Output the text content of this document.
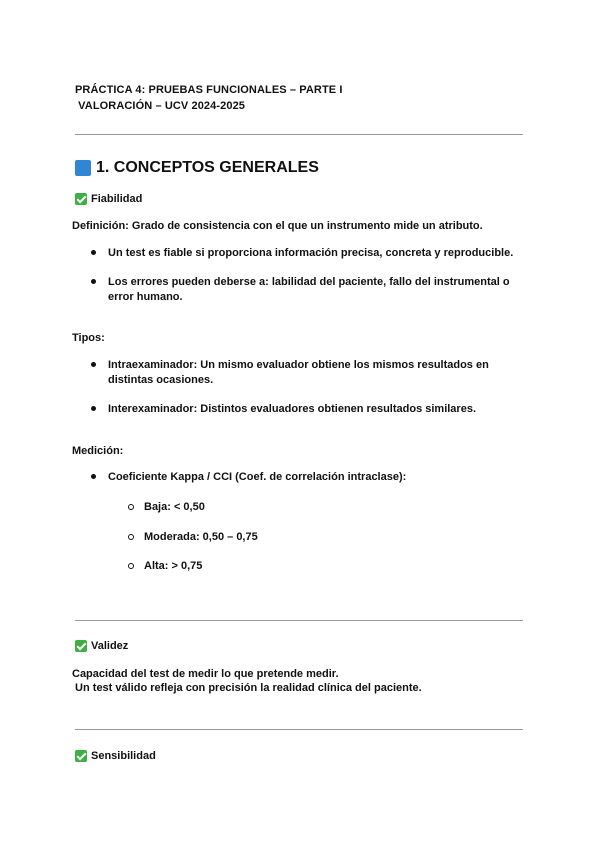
PRÁCTICA 4: PRUEBAS FUNCIONALES – PARTE I
VALORACIÓN – UCV 2024-2025
1. CONCEPTOS GENERALES
Fiabilidad
Definición: Grado de consistencia con el que un instrumento mide un atributo.
Un test es fiable si proporciona información precisa, concreta y reproducible.
Los errores pueden deberse a: labilidad del paciente, fallo del instrumental o
error humano.
Tipos:
Intraexaminador: Un mismo evaluador obtiene los mismos resultados en
distintas ocasiones.
Interexaminador: Distintos evaluadores obtienen resultados similares.
Medición:
Coeficiente Kappa / CCI (Coef. de correlación intraclase):
Baja: < 0,50
Moderada: 0,50 – 0,75
Alta: > 0,75
Validez
Capacidad del test de medir lo que pretende medir.
Un test válido refleja con precisión la realidad clínica del paciente.
Sensibilidad
